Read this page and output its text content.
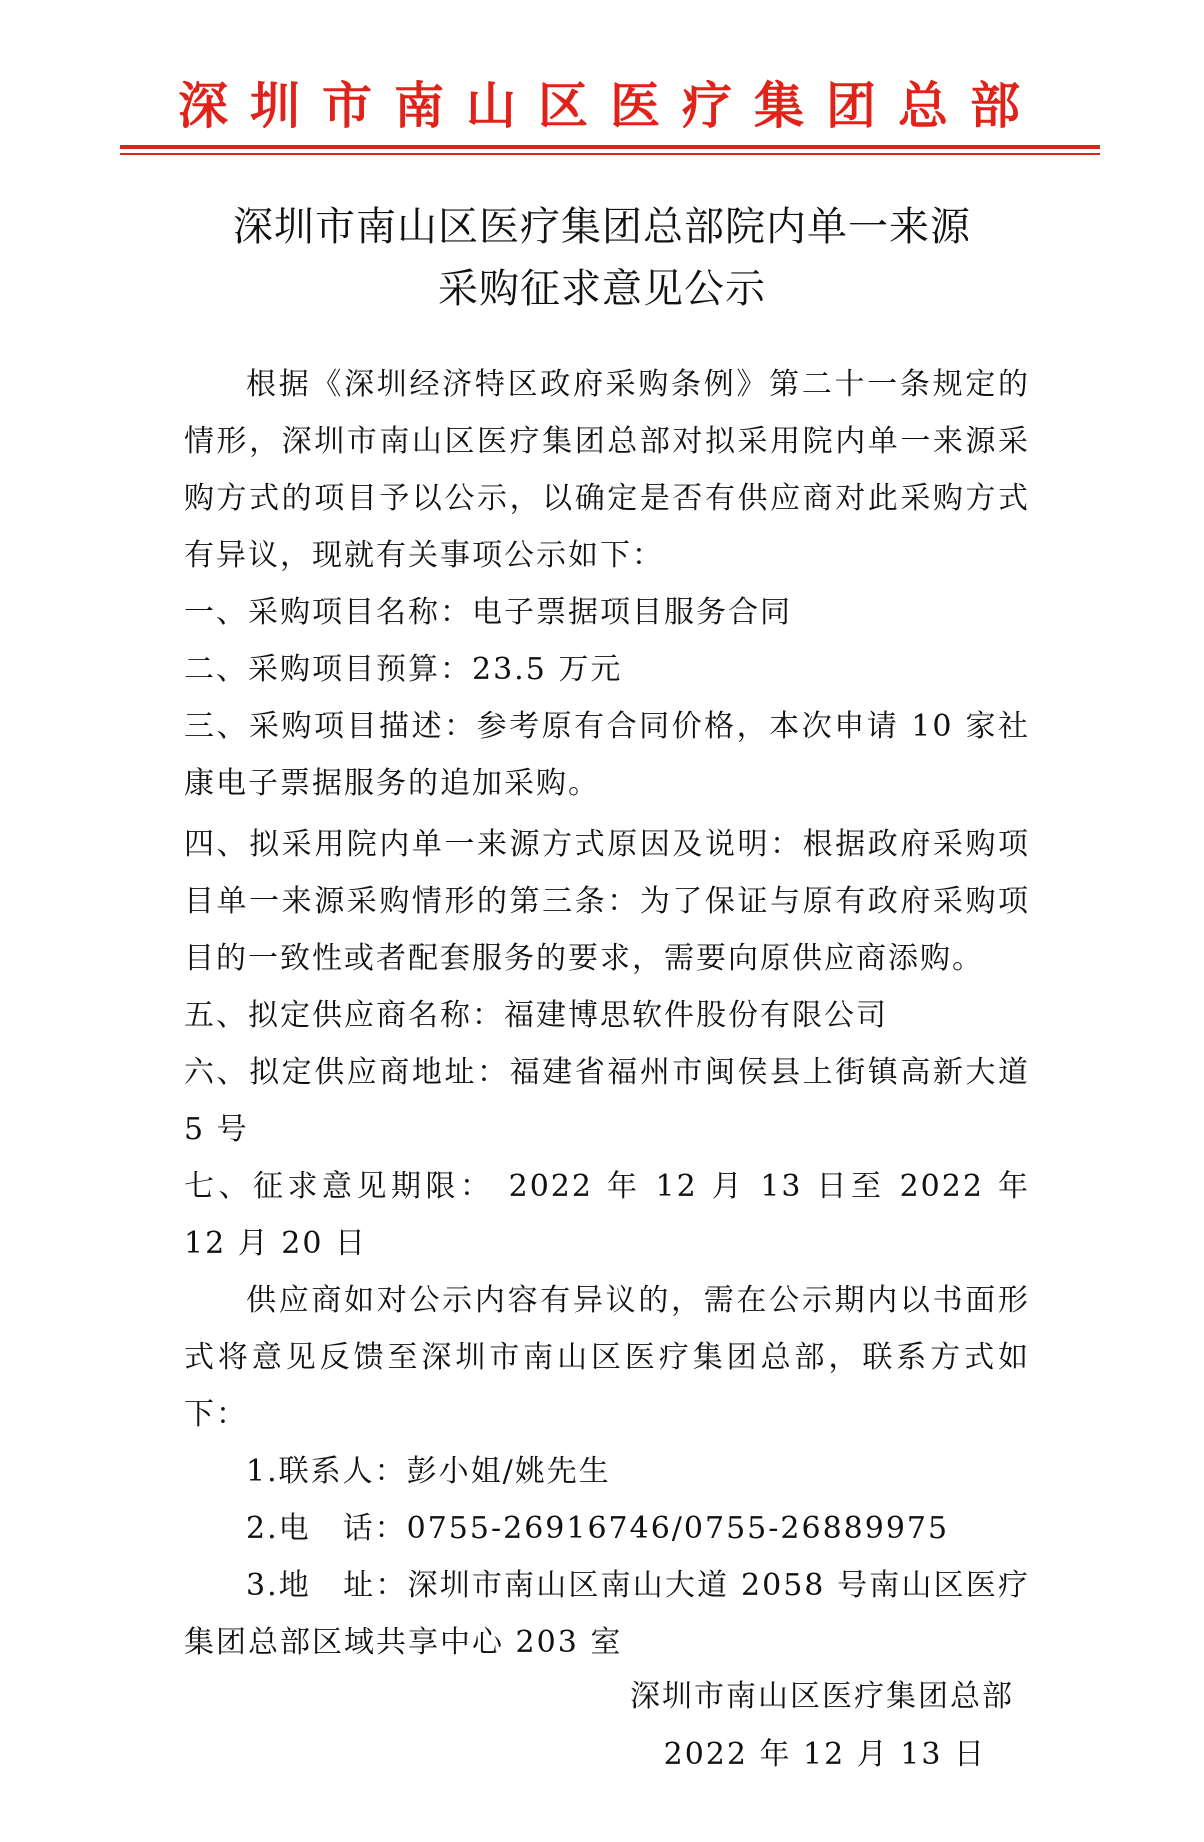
深圳市南山区医疗集团总部
深圳市南山区医疗集团总部院内单一来源
采购征求意见公示

根据《深圳经济特区政府采购条例》第二十一条规定的情形，深圳市南山区医疗集团总部对拟采用院内单一来源采购方式的项目予以公示，以确定是否有供应商对此采购方式有异议，现就有关事项公示如下：

一、采购项目名称：电子票据项目服务合同

二、采购项目预算：23.5 万元

三、采购项目描述：参考原有合同价格，本次申请 10 家社康电子票据服务的追加采购。

四、拟采用院内单一来源方式原因及说明：根据政府采购项目单一来源采购情形的第三条：为了保证与原有政府采购项目的一致性或者配套服务的要求，需要向原供应商添购。

五、拟定供应商名称：福建博思软件股份有限公司

六、拟定供应商地址：福建省福州市闽侯县上街镇高新大道 5 号

七、征求意见期限： 2022 年 12 月 13 日至 2022 年 12 月 20 日

供应商如对公示内容有异议的，需在公示期内以书面形式将意见反馈至深圳市南山区医疗集团总部，联系方式如下：

1.联系人：彭小姐/姚先生

2.电　话：0755-26916746/0755-26889975

3.地　址：深圳市南山区南山大道 2058 号南山区医疗集团总部区域共享中心 203 室

深圳市南山区医疗集团总部
2022 年 12 月 13 日
